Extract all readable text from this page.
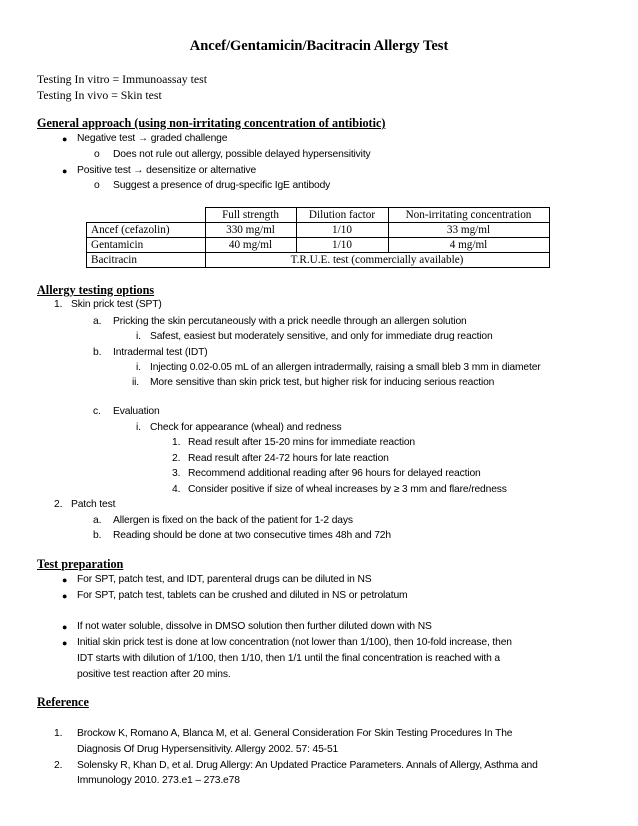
Ancef/Gentamicin/Bacitracin Allergy Test
Testing In vitro = Immunoassay test
Testing In vivo = Skin test
General approach (using non-irritating concentration of antibiotic)
● Negative test → graded challenge
o Does not rule out allergy, possible delayed hypersensitivity
● Positive test → desensitize or alternative
o Suggest a presence of drug-specific IgE antibody
	Full strength	Dilution factor	Non-irritating concentration
Ancef (cefazolin)	330 mg/ml	1/10	33 mg/ml
Gentamicin	40 mg/ml	1/10	4 mg/ml
Bacitracin	T.R.U.E. test (commercially available)		
Allergy testing options
1. Skin prick test (SPT)
a. Pricking the skin percutaneously with a prick needle through an allergen solution
i. Safest, easiest but moderately sensitive, and only for immediate drug reaction
b. Intradermal test (IDT)
i. Injecting 0.02-0.05 mL of an allergen intradermally, raising a small bleb 3 mm in diameter
ii. More sensitive than skin prick test, but higher risk for inducing serious reaction
c. Evaluation
i. Check for appearance (wheal) and redness
1. Read result after 15-20 mins for immediate reaction
2. Read result after 24-72 hours for late reaction
3. Recommend additional reading after 96 hours for delayed reaction
4. Consider positive if size of wheal increases by ≥ 3 mm and flare/redness
2. Patch test
a. Allergen is fixed on the back of the patient for 1-2 days
b. Reading should be done at two consecutive times 48h and 72h
Test preparation
● For SPT, patch test, and IDT, parenteral drugs can be diluted in NS
● For SPT, patch test, tablets can be crushed and diluted in NS or petrolatum
● If not water soluble, dissolve in DMSO solution then further diluted down with NS
● Initial skin prick test is done at low concentration (not lower than 1/100), then 10-fold increase, then
IDT starts with dilution of 1/100, then 1/10, then 1/1 until the final concentration is reached with a
positive test reaction after 20 mins.
Reference
1. Brockow K, Romano A, Blanca M, et al. General Consideration For Skin Testing Procedures In The
Diagnosis Of Drug Hypersensitivity. Allergy 2002. 57: 45-51
2. Solensky R, Khan D, et al. Drug Allergy: An Updated Practice Parameters. Annals of Allergy, Asthma and
Immunology 2010. 273.e1 – 273.e78
